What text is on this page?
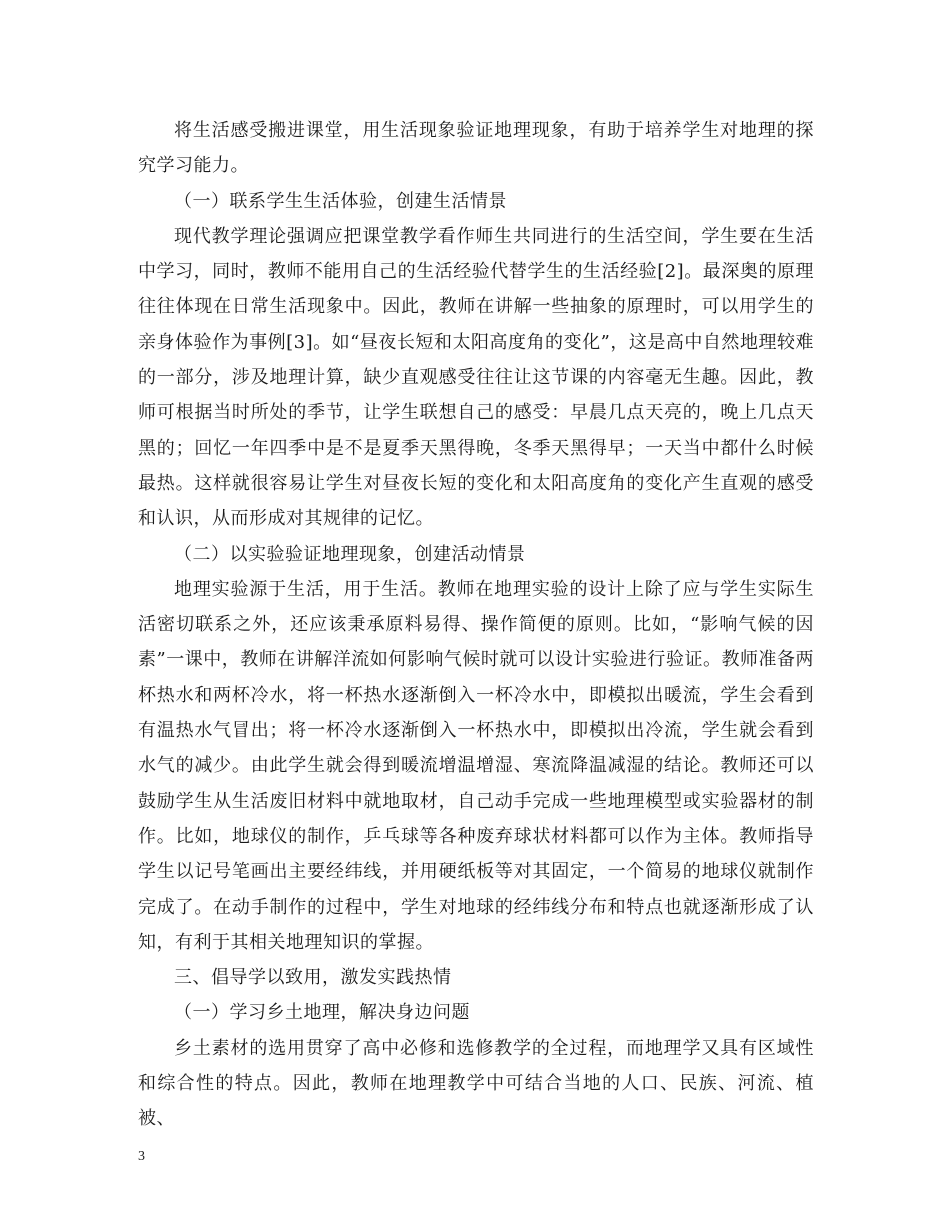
将生活感受搬进课堂，用生活现象验证地理现象，有助于培养学生对地理的探究学习能力。

（一）联系学生生活体验，创建生活情景

现代教学理论强调应把课堂教学看作师生共同进行的生活空间，学生要在生活中学习，同时，教师不能用自己的生活经验代替学生的生活经验[2]。最深奥的原理往往体现在日常生活现象中。因此，教师在讲解一些抽象的原理时，可以用学生的亲身体验作为事例[3]。如“昼夜长短和太阳高度角的变化”，这是高中自然地理较难的一部分，涉及地理计算，缺少直观感受往往让这节课的内容毫无生趣。因此，教师可根据当时所处的季节，让学生联想自己的感受：早晨几点天亮的，晚上几点天黑的；回忆一年四季中是不是夏季天黑得晚，冬季天黑得早；一天当中都什么时候最热。这样就很容易让学生对昼夜长短的变化和太阳高度角的变化产生直观的感受和认识，从而形成对其规律的记忆。

（二）以实验验证地理现象，创建活动情景

地理实验源于生活，用于生活。教师在地理实验的设计上除了应与学生实际生活密切联系之外，还应该秉承原料易得、操作简便的原则。比如，“影响气候的因素”一课中，教师在讲解洋流如何影响气候时就可以设计实验进行验证。教师准备两杯热水和两杯冷水，将一杯热水逐渐倒入一杯冷水中，即模拟出暖流，学生会看到有温热水气冒出；将一杯冷水逐渐倒入一杯热水中，即模拟出冷流，学生就会看到水气的减少。由此学生就会得到暖流增温增湿、寒流降温减湿的结论。教师还可以鼓励学生从生活废旧材料中就地取材，自己动手完成一些地理模型或实验器材的制作。比如，地球仪的制作，乒乓球等各种废弃球状材料都可以作为主体。教师指导学生以记号笔画出主要经纬线，并用硬纸板等对其固定，一个简易的地球仪就制作完成了。在动手制作的过程中，学生对地球的经纬线分布和特点也就逐渐形成了认知，有利于其相关地理知识的掌握。

三、倡导学以致用，激发实践热情

（一）学习乡土地理，解决身边问题

乡土素材的选用贯穿了高中必修和选修教学的全过程，而地理学又具有区域性和综合性的特点。因此，教师在地理教学中可结合当地的人口、民族、河流、植被、

3
